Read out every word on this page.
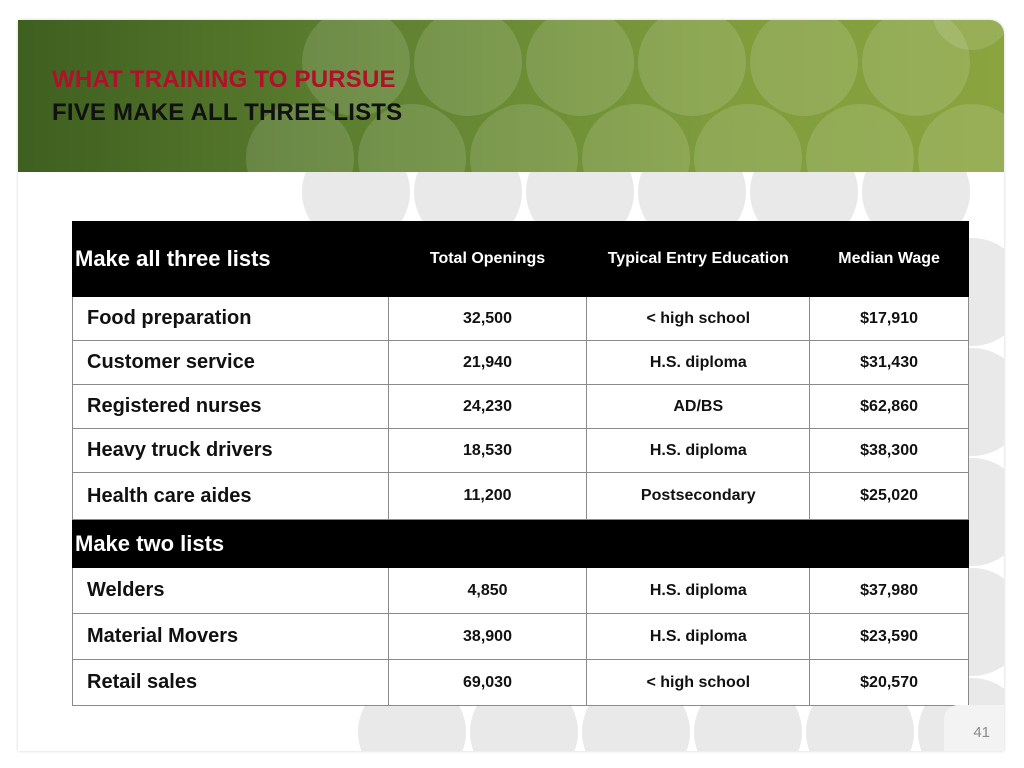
WHAT TRAINING TO PURSUE
FIVE MAKE ALL THREE LISTS
Make all three lists	Total Openings	Typical Entry Education	Median Wage
Food preparation	32,500	< high school	$17,910
Customer service	21,940	H.S. diploma	$31,430
Registered nurses	24,230	AD/BS	$62,860
Heavy truck drivers	18,530	H.S. diploma	$38,300
Health care aides	11,200	Postsecondary	$25,020
Make two lists			
Welders	4,850	H.S. diploma	$37,980
Material Movers	38,900	H.S. diploma	$23,590
Retail sales	69,030	< high school	$20,570
41
